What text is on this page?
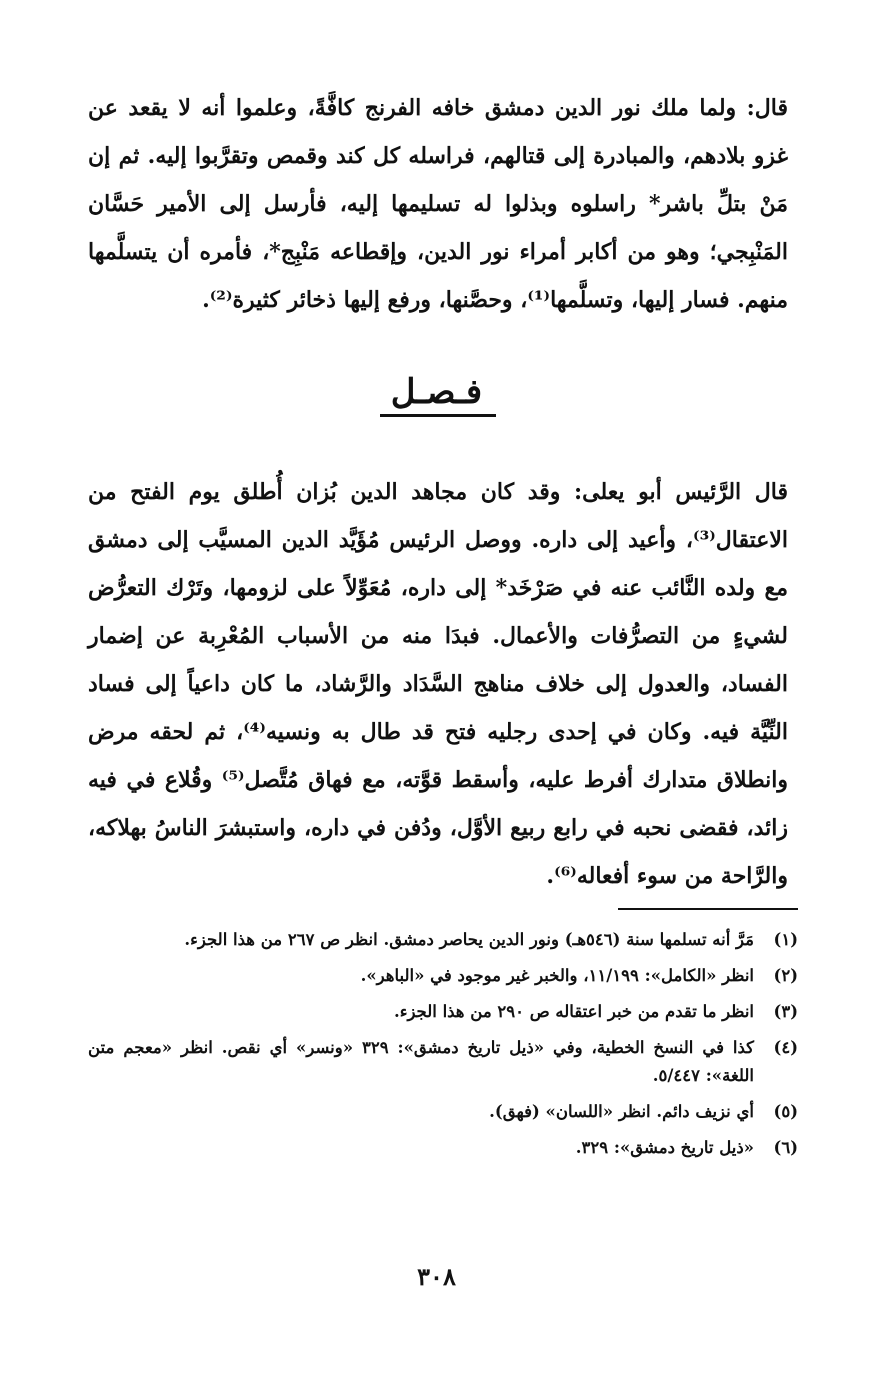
قال: ولما ملك نور الدين دمشق خافه الفرنج كافَّةً، وعلموا أنه لا يقعد عن غزو بلادهم، والمبادرة إلى قتالهم، فراسله كل كند وقمص وتقرَّبوا إليه. ثم إن مَنْ بتلِّ باشر* راسلوه وبذلوا له تسليمها إليه، فأرسل إلى الأمير حَسَّان المَنْبِجي؛ وهو من أكابر أمراء نور الدين، وإقطاعه مَنْبِج*، فأمره أن يتسلَّمها منهم. فسار إليها، وتسلَّمها⁽¹⁾، وحصَّنها، ورفع إليها ذخائر كثيرة⁽²⁾.

فـصـل

قال الرَّئيس أبو يعلى: وقد كان مجاهد الدين بُزان أُطلق يوم الفتح من الاعتقال⁽³⁾، وأعيد إلى داره. ووصل الرئيس مُؤَيَّد الدين المسيَّب إلى دمشق مع ولده النَّائب عنه في صَرْخَد* إلى داره، مُعَوِّلاً على لزومها، وتَرْك التعرُّض لشيءٍ من التصرُّفات والأعمال. فبدَا منه من الأسباب المُعْرِبة عن إضمار الفساد، والعدول إلى خلاف مناهج السَّدَاد والرَّشاد، ما كان داعياً إلى فساد النِّيَّة فيه. وكان في إحدى رجليه فتح قد طال به ونسيه⁽⁴⁾، ثم لحقه مرض وانطلاق متدارك أفرط عليه، وأسقط قوَّته، مع فهاق مُتَّصل⁽⁵⁾ وقُلاع في فيه زائد، فقضى نحبه في رابع ربيع الأوَّل، ودُفن في داره، واستبشرَ الناسُ بهلاكه، والرَّاحة من سوء أفعاله⁽⁶⁾.

(١)
مَرَّ أنه تسلمها سنة (٥٤٦هـ) ونور الدين يحاصر دمشق. انظر ص ٢٦٧ من هذا الجزء.
(٢)
انظر «الكامل»: ١١/١٩٩، والخبر غير موجود في «الباهر».
(٣)
انظر ما تقدم من خبر اعتقاله ص ٢٩٠ من هذا الجزء.
(٤)
كذا في النسخ الخطية، وفي «ذيل تاريخ دمشق»: ٣٢٩ «ونسر» أي نقص. انظر «معجم متن اللغة»: ٥/٤٤٧.
(٥)
أي نزيف دائم. انظر «اللسان» (فهق).
(٦)
«ذيل تاريخ دمشق»: ٣٢٩.
٣٠٨
